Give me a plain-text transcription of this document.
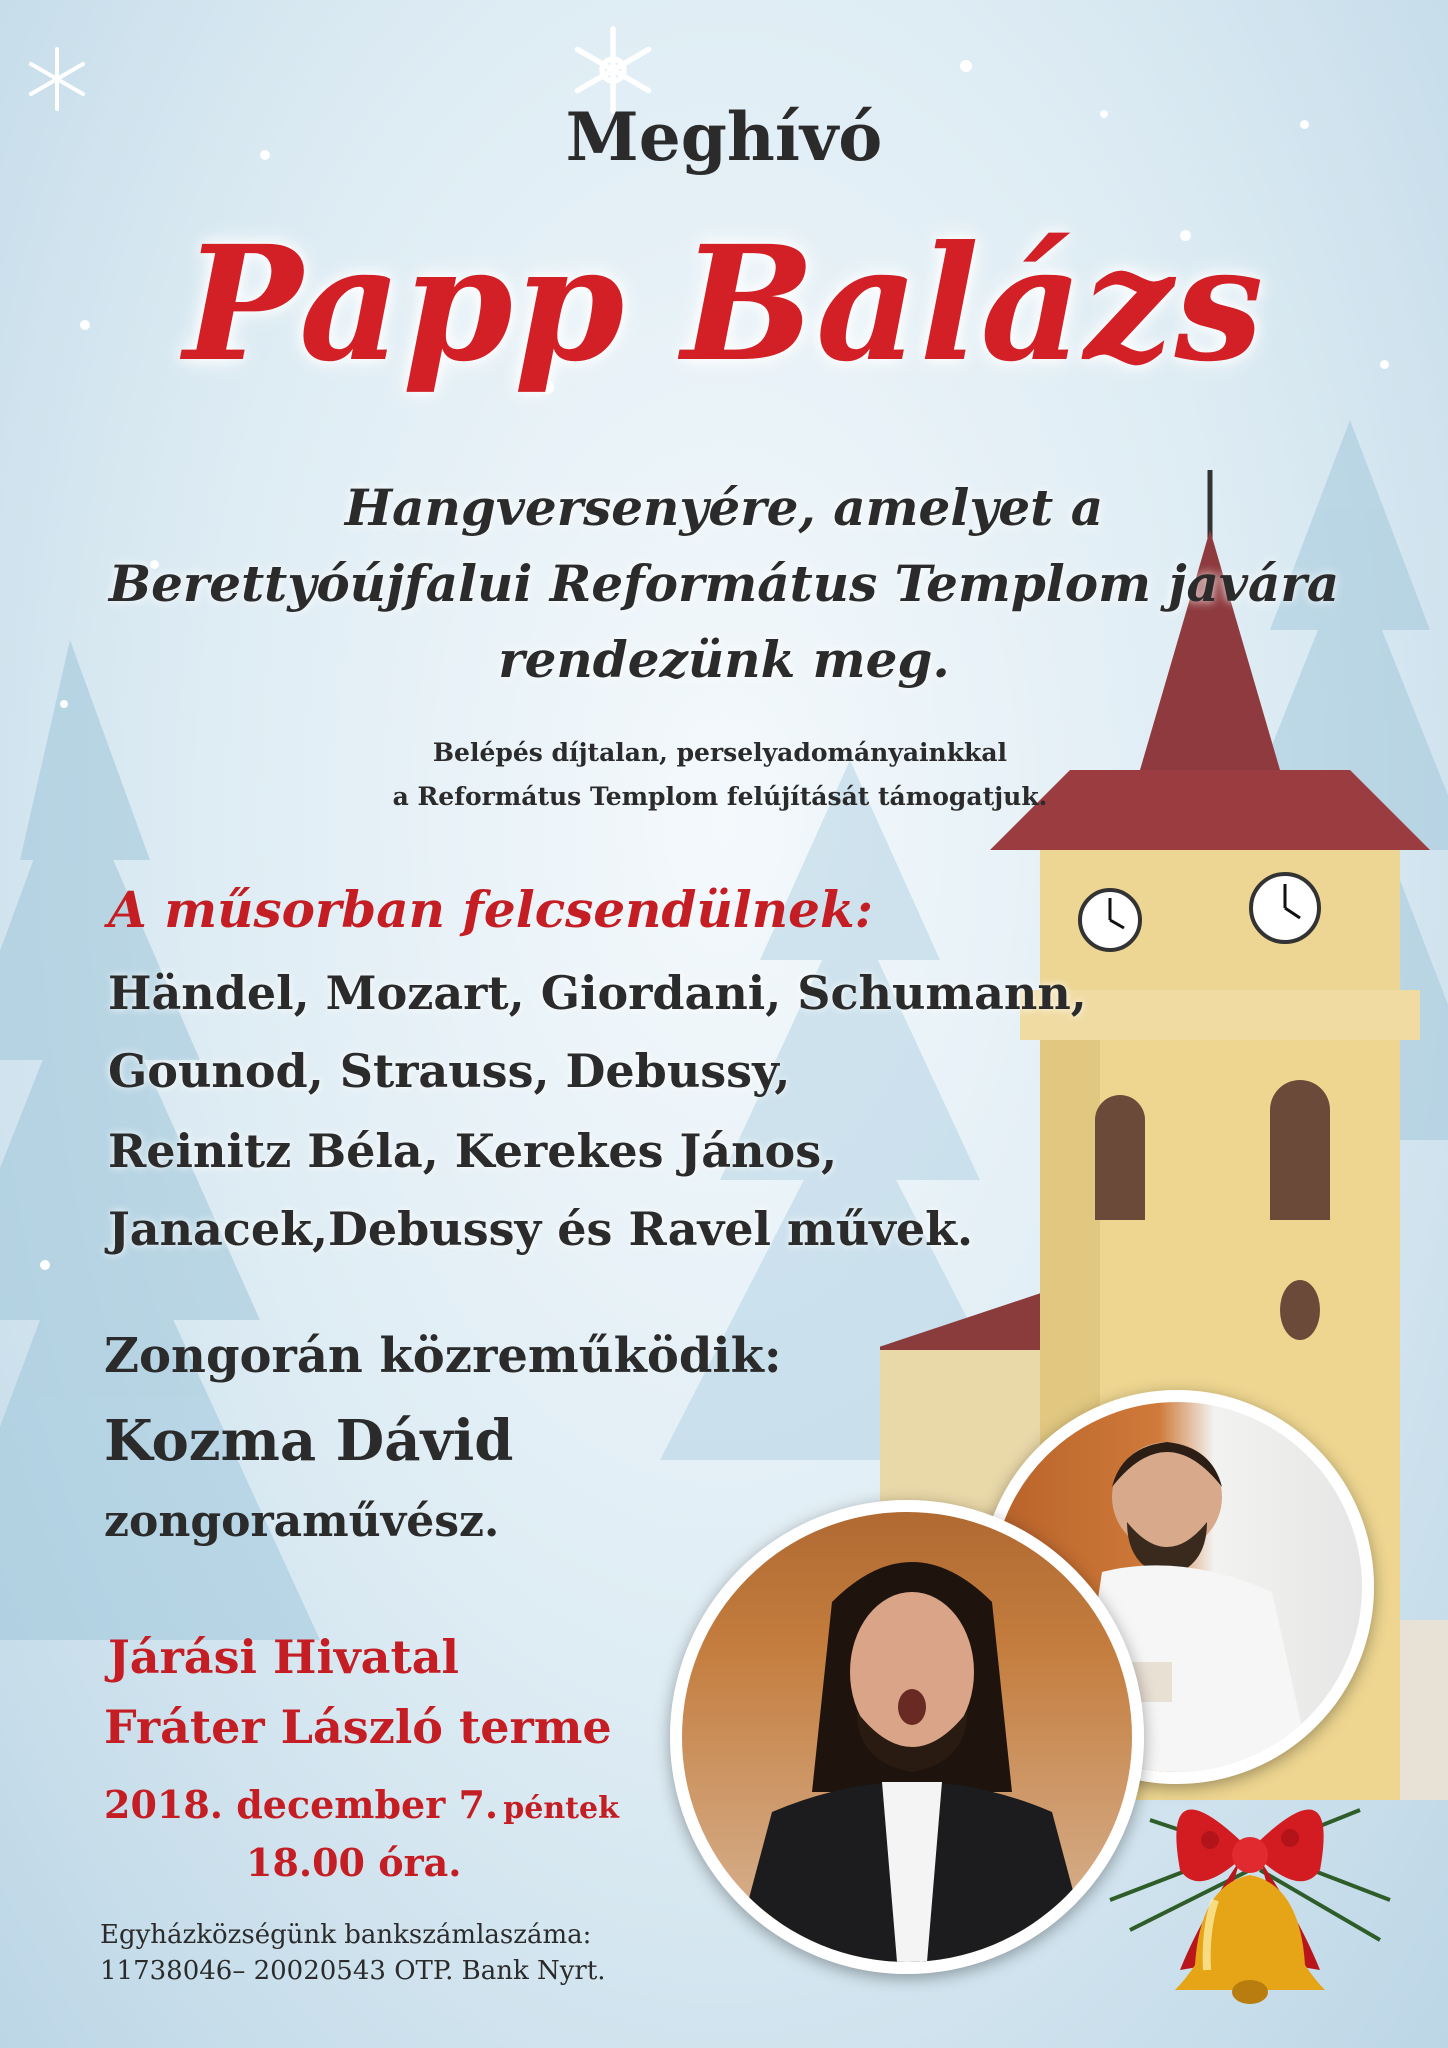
Meghívó
Papp Balázs
Hangversenyére, amelyet a
Berettyóújfalui Református Templom javára
rendezünk meg.
Belépés díjtalan, perselyadományainkkal
a Református Templom felújítását támogatjuk.
A műsorban felcsendülnek:
Händel, Mozart, Giordani, Schumann,
Gounod, Strauss, Debussy,
Reinitz Béla, Kerekes János,
Janacek,Debussy és Ravel művek.
Zongorán közreműködik:
Kozma Dávid
zongoraművész.
Járási Hivatal
Fráter László terme
2018. december 7. péntek
18.00 óra.
Egyházközségünk bankszámlaszáma:
11738046– 20020543 OTP. Bank Nyrt.
